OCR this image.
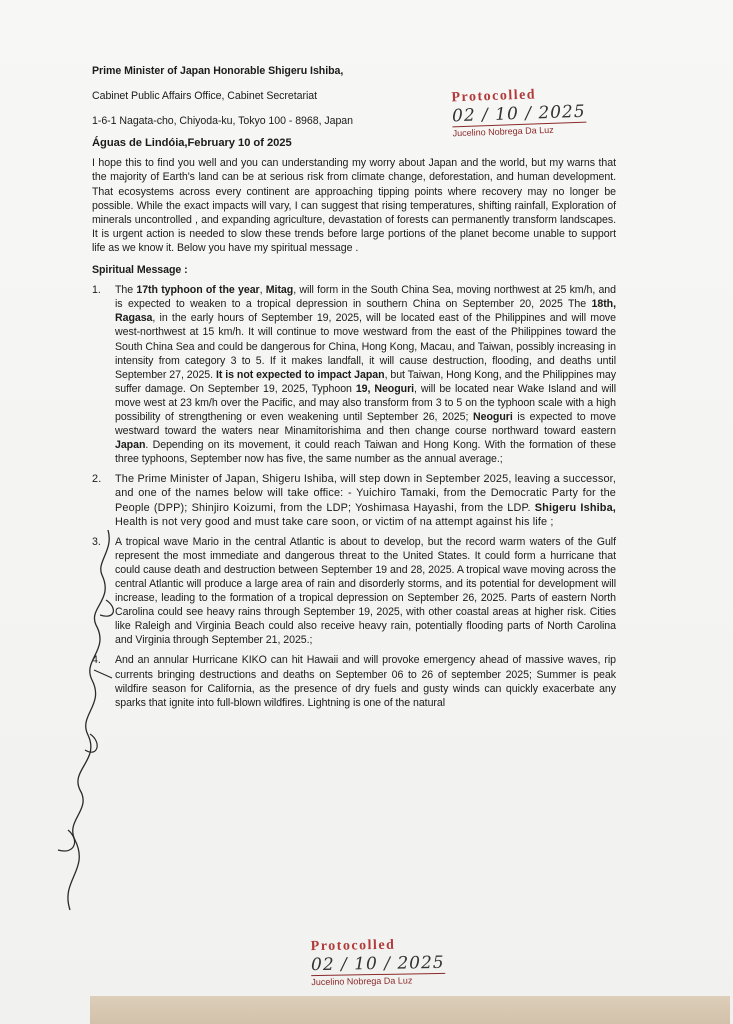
Prime Minister of Japan Honorable Shigeru Ishiba,

Cabinet Public Affairs Office, Cabinet Secretariat

1-6-1 Nagata-cho, Chiyoda-ku, Tokyo 100 - 8968, Japan

Águas de Lindóia,February 10 of 2025

I hope this to find you well and you can understanding my worry about Japan and the world, but my warns that the majority of Earth's land can be at serious risk from climate change, deforestation, and human development. That ecosystems across every continent are approaching tipping points where recovery may no longer be possible. While the exact impacts will vary, I can suggest that rising temperatures, shifting rainfall, Exploration of minerals uncontrolled , and expanding agriculture, devastation of forests can permanently transform landscapes. It is urgent action is needed to slow these trends before large portions of the planet become unable to support life as we know it. Below you have my spiritual message .

Spiritual Message :
1. The 17th typhoon of the year, Mitag, will form in the South China Sea, moving northwest at 25 km/h, and is expected to weaken to a tropical depression in southern China on September 20, 2025 The 18th, Ragasa, in the early hours of September 19, 2025, will be located east of the Philippines and will move west-northwest at 15 km/h. It will continue to move westward from the east of the Philippines toward the South China Sea and could be dangerous for China, Hong Kong, Macau, and Taiwan, possibly increasing in intensity from category 3 to 5. If it makes landfall, it will cause destruction, flooding, and deaths until September 27, 2025. It is not expected to impact Japan, but Taiwan, Hong Kong, and the Philippines may suffer damage. On September 19, 2025, Typhoon 19, Neoguri, will be located near Wake Island and will move west at 23 km/h over the Pacific, and may also transform from 3 to 5 on the typhoon scale with a high possibility of strengthening or even weakening until September 26, 2025; Neoguri is expected to move westward toward the waters near Minamitorishima and then change course northward toward eastern Japan. Depending on its movement, it could reach Taiwan and Hong Kong. With the formation of these three typhoons, September now has five, the same number as the annual average.;
2. The Prime Minister of Japan, Shigeru Ishiba, will step down in September 2025, leaving a successor, and one of the names below will take office: - Yuichiro Tamaki, from the Democratic Party for the People (DPP); Shinjiro Koizumi, from the LDP; Yoshimasa Hayashi, from the LDP. Shigeru Ishiba, Health is not very good and must take care soon, or victim of na attempt against his life ;
3. A tropical wave Mario in the central Atlantic is about to develop, but the record warm waters of the Gulf represent the most immediate and dangerous threat to the United States. It could form a hurricane that could cause death and destruction between September 19 and 28, 2025. A tropical wave moving across the central Atlantic will produce a large area of rain and disorderly storms, and its potential for development will increase, leading to the formation of a tropical depression on September 26, 2025. Parts of eastern North Carolina could see heavy rains through September 19, 2025, with other coastal areas at higher risk. Cities like Raleigh and Virginia Beach could also receive heavy rain, potentially flooding parts of North Carolina and Virginia through September 21, 2025.;
4. And an annular Hurricane KIKO can hit Hawaii and will provoke emergency ahead of massive waves, rip currents bringing destructions and deaths on September 06 to 26 of september 2025; Summer is peak wildfire season for California, as the presence of dry fuels and gusty winds can quickly exacerbate any sparks that ignite into full-blown wildfires. Lightning is one of the natural
Protocolled
02 / 10 / 2025
Jucelino Nobrega Da Luz
Protocolled
02 / 10 / 2025
Jucelino Nobrega Da Luz
